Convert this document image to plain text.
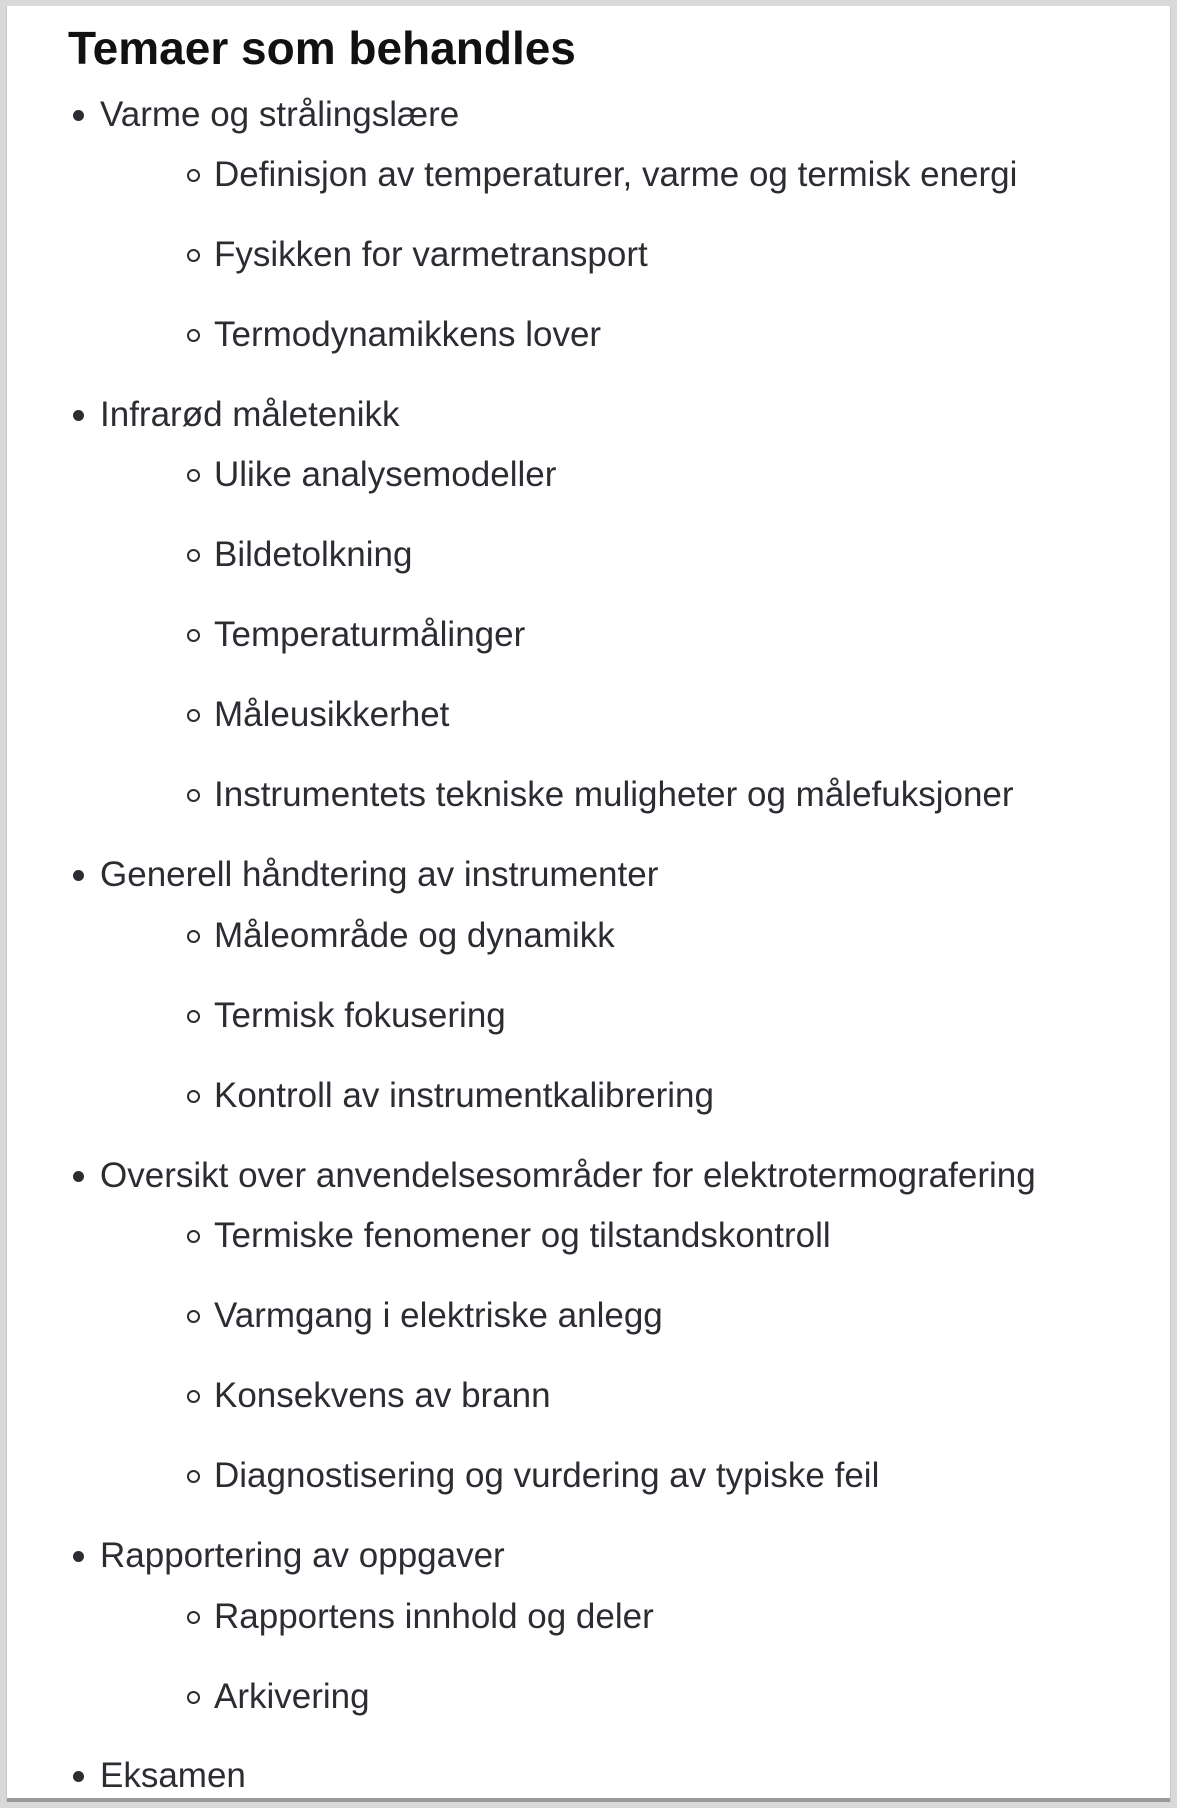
Temaer som behandles
Varme og strålingslære
Definisjon av temperaturer, varme og termisk energi
Fysikken for varmetransport
Termodynamikkens lover
Infrarød måletenikk
Ulike analysemodeller
Bildetolkning
Temperaturmålinger
Måleusikkerhet
Instrumentets tekniske muligheter og målefuksjoner
Generell håndtering av instrumenter
Måleområde og dynamikk
Termisk fokusering
Kontroll av instrumentkalibrering
Oversikt over anvendelsesområder for elektrotermografering
Termiske fenomener og tilstandskontroll
Varmgang i elektriske anlegg
Konsekvens av brann
Diagnostisering og vurdering av typiske feil
Rapportering av oppgaver
Rapportens innhold og deler
Arkivering
Eksamen
